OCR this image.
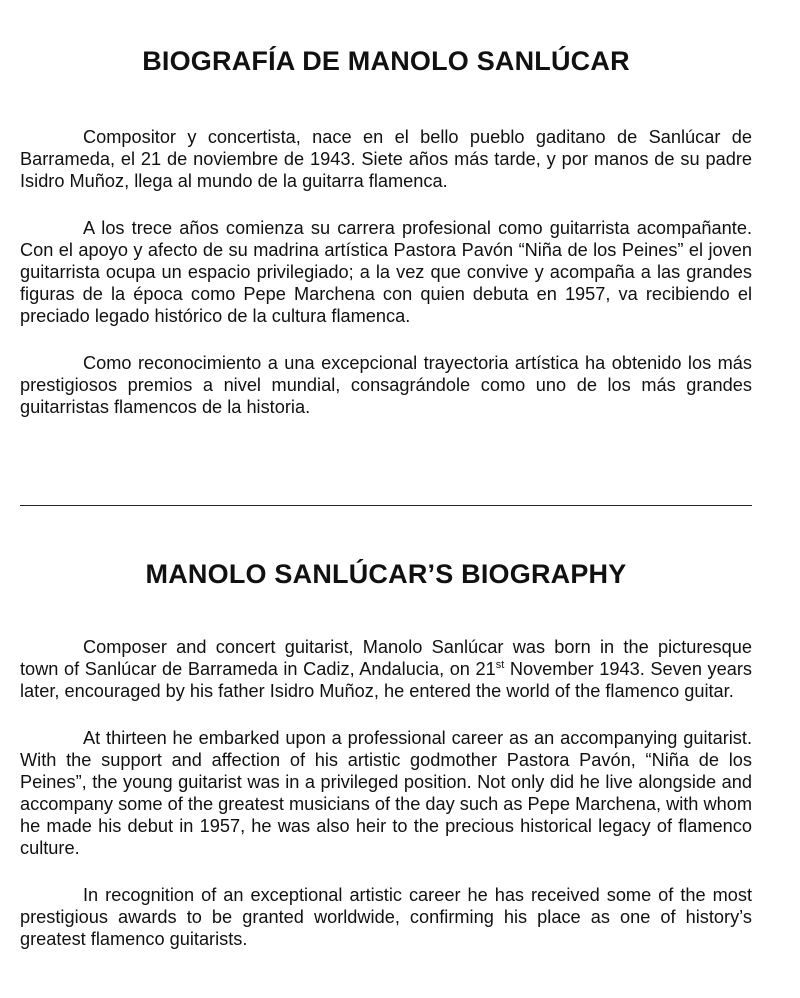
BIOGRAFÍA DE MANOLO SANLÚCAR

Compositor y concertista, nace en el bello pueblo gaditano de Sanlúcar de Barrameda, el 21 de noviembre de 1943. Siete años más tarde, y por manos de su padre Isidro Muñoz, llega al mundo de la guitarra flamenca.

A los trece años comienza su carrera profesional como guitarrista acompañante. Con el apoyo y afecto de su madrina artística Pastora Pavón “Niña de los Peines” el joven guitarrista ocupa un espacio privilegiado; a la vez que convive y acompaña a las grandes figuras de la época como Pepe Marchena con quien debuta en 1957, va recibiendo el preciado legado histórico de la cultura flamenca.

Como reconocimiento a una excepcional trayectoria artística ha obtenido los más prestigiosos premios a nivel mundial, consagrándole como uno de los más grandes guitarristas flamencos de la historia.

MANOLO SANLÚCAR’S BIOGRAPHY

Composer and concert guitarist, Manolo Sanlúcar was born in the picturesque town of Sanlúcar de Barrameda in Cadiz, Andalucia, on 21st November 1943. Seven years later, encouraged by his father Isidro Muñoz, he entered the world of the flamenco guitar.

At thirteen he embarked upon a professional career as an accompanying guitarist. With the support and affection of his artistic godmother Pastora Pavón, “Niña de los Peines”, the young guitarist was in a privileged position. Not only did he live alongside and accompany some of the greatest musicians of the day such as Pepe Marchena, with whom he made his debut in 1957, he was also heir to the precious historical legacy of flamenco culture.

In recognition of an exceptional artistic career he has received some of the most prestigious awards to be granted worldwide, confirming his place as one of history’s greatest flamenco guitarists.
